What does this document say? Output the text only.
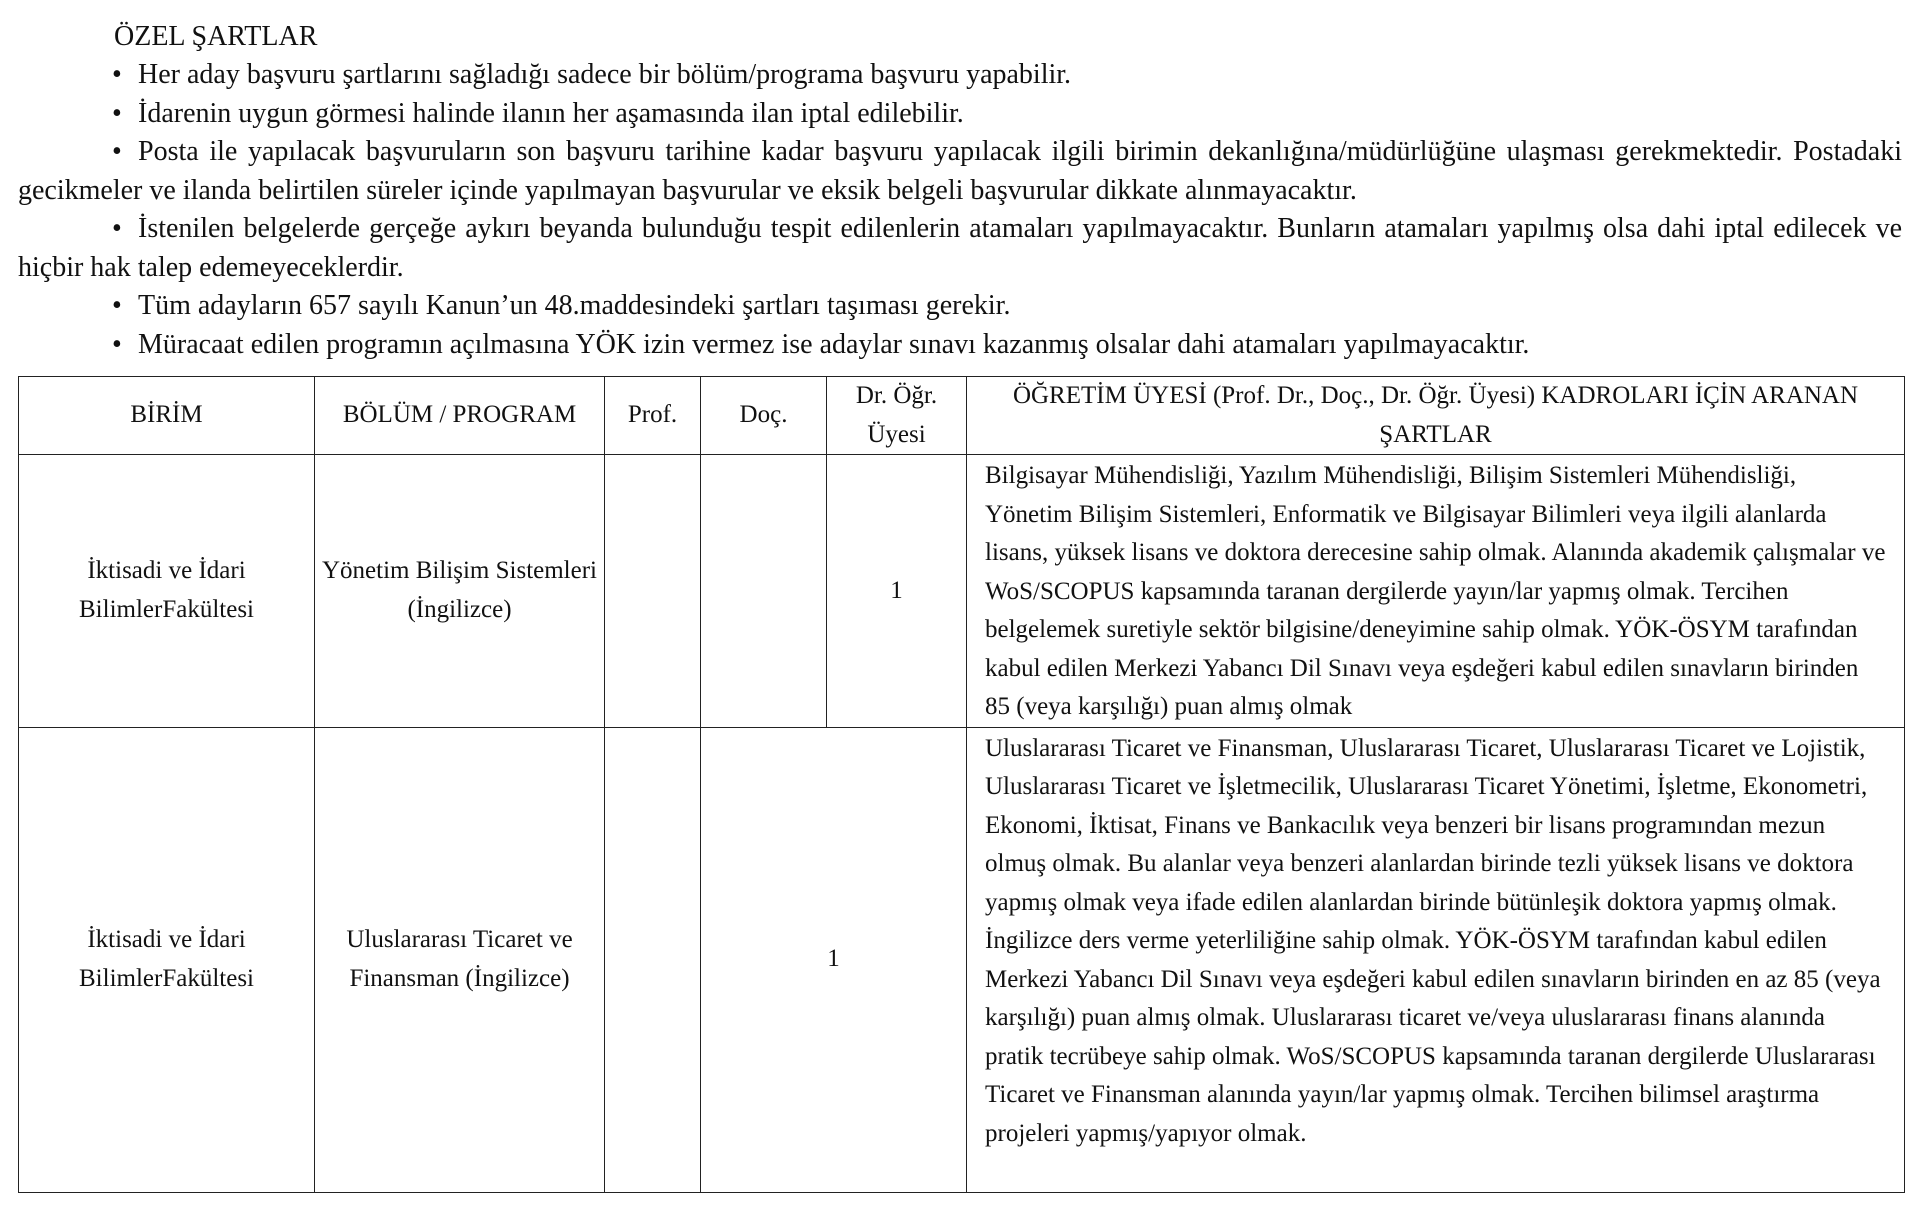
ÖZEL ŞARTLAR

• Her aday başvuru şartlarını sağladığı sadece bir bölüm/programa başvuru yapabilir.
• İdarenin uygun görmesi halinde ilanın her aşamasında ilan iptal edilebilir.
• Posta ile yapılacak başvuruların son başvuru tarihine kadar başvuru yapılacak ilgili birimin dekanlığına/müdürlüğüne ulaşması gerekmektedir. Postadaki gecikmeler ve ilanda belirtilen süreler içinde yapılmayan başvurular ve eksik belgeli başvurular dikkate alınmayacaktır.
• İstenilen belgelerde gerçeğe aykırı beyanda bulunduğu tespit edilenlerin atamaları yapılmayacaktır. Bunların atamaları yapılmış olsa dahi iptal edilecek ve hiçbir hak talep edemeyeceklerdir.
• Tüm adayların 657 sayılı Kanun’un 48.maddesindeki şartları taşıması gerekir.
• Müracaat edilen programın açılmasına YÖK izin vermez ise adaylar sınavı kazanmış olsalar dahi atamaları yapılmayacaktır.
BİRİM	BÖLÜM / PROGRAM	Prof.	Doç.	Dr. Öğr. Üyesi	ÖĞRETİM ÜYESİ (Prof. Dr., Doç., Dr. Öğr. Üyesi) KADROLARI İÇİN ARANAN ŞARTLAR
İktisadi ve İdari BilimlerFakültesi	Yönetim Bilişim Sistemleri (İngilizce)			1	Bilgisayar Mühendisliği, Yazılım Mühendisliği, Bilişim Sistemleri Mühendisliği, Yönetim Bilişim Sistemleri, Enformatik ve Bilgisayar Bilimleri veya ilgili alanlarda lisans, yüksek lisans ve doktora derecesine sahip olmak. Alanında akademik çalışmalar ve WoS/SCOPUS kapsamında taranan dergilerde yayın/lar yapmış olmak. Tercihen belgelemek suretiyle sektör bilgisine/deneyimine sahip olmak. YÖK-ÖSYM tarafından kabul edilen Merkezi Yabancı Dil Sınavı veya eşdeğeri kabul edilen sınavların birinden 85 (veya karşılığı) puan almış olmak
İktisadi ve İdari BilimlerFakültesi	Uluslararası Ticaret ve Finansman (İngilizce)		1		Uluslararası Ticaret ve Finansman, Uluslararası Ticaret, Uluslararası Ticaret ve Lojistik, Uluslararası Ticaret ve İşletmecilik, Uluslararası Ticaret Yönetimi, İşletme, Ekonometri, Ekonomi, İktisat, Finans ve Bankacılık veya benzeri bir lisans programından mezun olmuş olmak. Bu alanlar veya benzeri alanlardan birinde tezli yüksek lisans ve doktora yapmış olmak veya ifade edilen alanlardan birinde bütünleşik doktora yapmış olmak. İngilizce ders verme yeterliliğine sahip olmak. YÖK-ÖSYM tarafından kabul edilen Merkezi Yabancı Dil Sınavı veya eşdeğeri kabul edilen sınavların birinden en az 85 (veya karşılığı) puan almış olmak. Uluslararası ticaret ve/veya uluslararası finans alanında pratik tecrübeye sahip olmak. WoS/SCOPUS kapsamında taranan dergilerde Uluslararası Ticaret ve Finansman alanında yayın/lar yapmış olmak. Tercihen bilimsel araştırma projeleri yapmış/yapıyor olmak.
